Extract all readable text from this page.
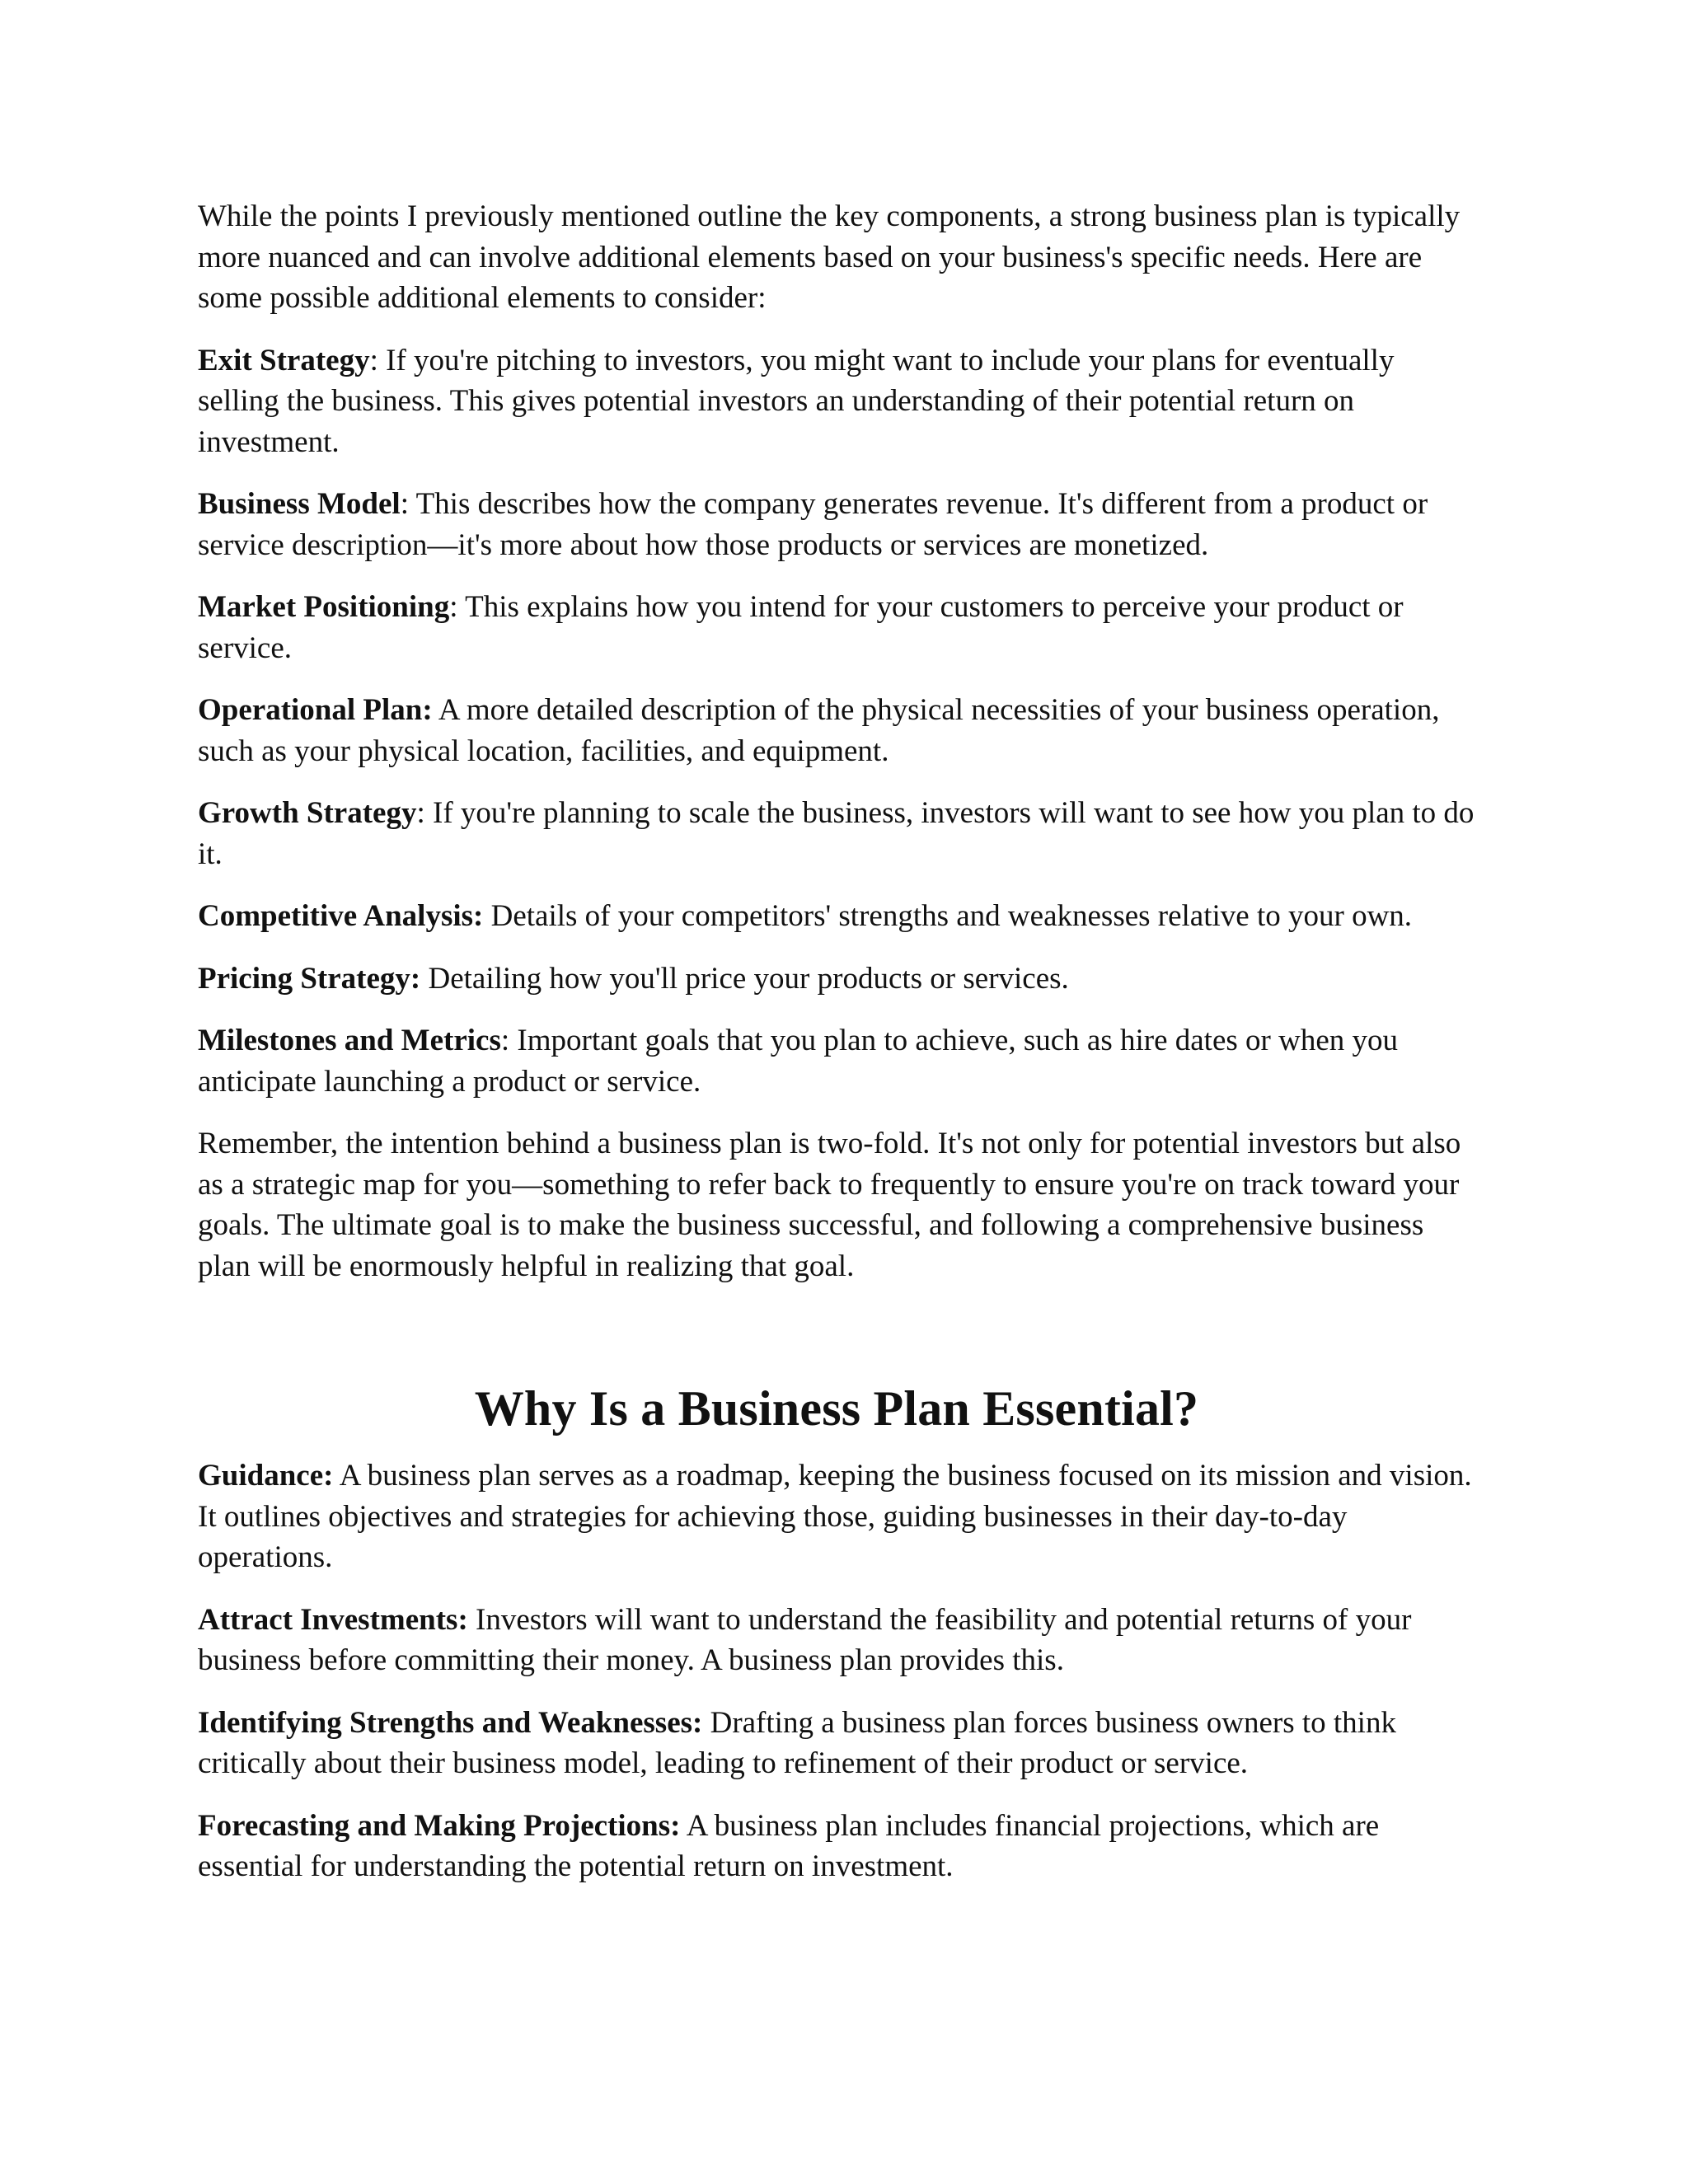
While the points I previously mentioned outline the key components, a strong business plan is typically more nuanced and can involve additional elements based on your business's specific needs. Here are some possible additional elements to consider:

Exit Strategy: If you're pitching to investors, you might want to include your plans for eventually selling the business. This gives potential investors an understanding of their potential return on investment.

Business Model: This describes how the company generates revenue. It's different from a product or service description—it's more about how those products or services are monetized.

Market Positioning: This explains how you intend for your customers to perceive your product or service.

Operational Plan: A more detailed description of the physical necessities of your business operation, such as your physical location, facilities, and equipment.

Growth Strategy: If you're planning to scale the business, investors will want to see how you plan to do it.

Competitive Analysis: Details of your competitors' strengths and weaknesses relative to your own.

Pricing Strategy: Detailing how you'll price your products or services.

Milestones and Metrics: Important goals that you plan to achieve, such as hire dates or when you anticipate launching a product or service.

Remember, the intention behind a business plan is two-fold. It's not only for potential investors but also as a strategic map for you—something to refer back to frequently to ensure you're on track toward your goals. The ultimate goal is to make the business successful, and following a comprehensive business plan will be enormously helpful in realizing that goal.

Why Is a Business Plan Essential?

Guidance: A business plan serves as a roadmap, keeping the business focused on its mission and vision. It outlines objectives and strategies for achieving those, guiding businesses in their day-to-day operations.

Attract Investments: Investors will want to understand the feasibility and potential returns of your business before committing their money. A business plan provides this.

Identifying Strengths and Weaknesses: Drafting a business plan forces business owners to think critically about their business model, leading to refinement of their product or service.

Forecasting and Making Projections: A business plan includes financial projections, which are essential for understanding the potential return on investment.
